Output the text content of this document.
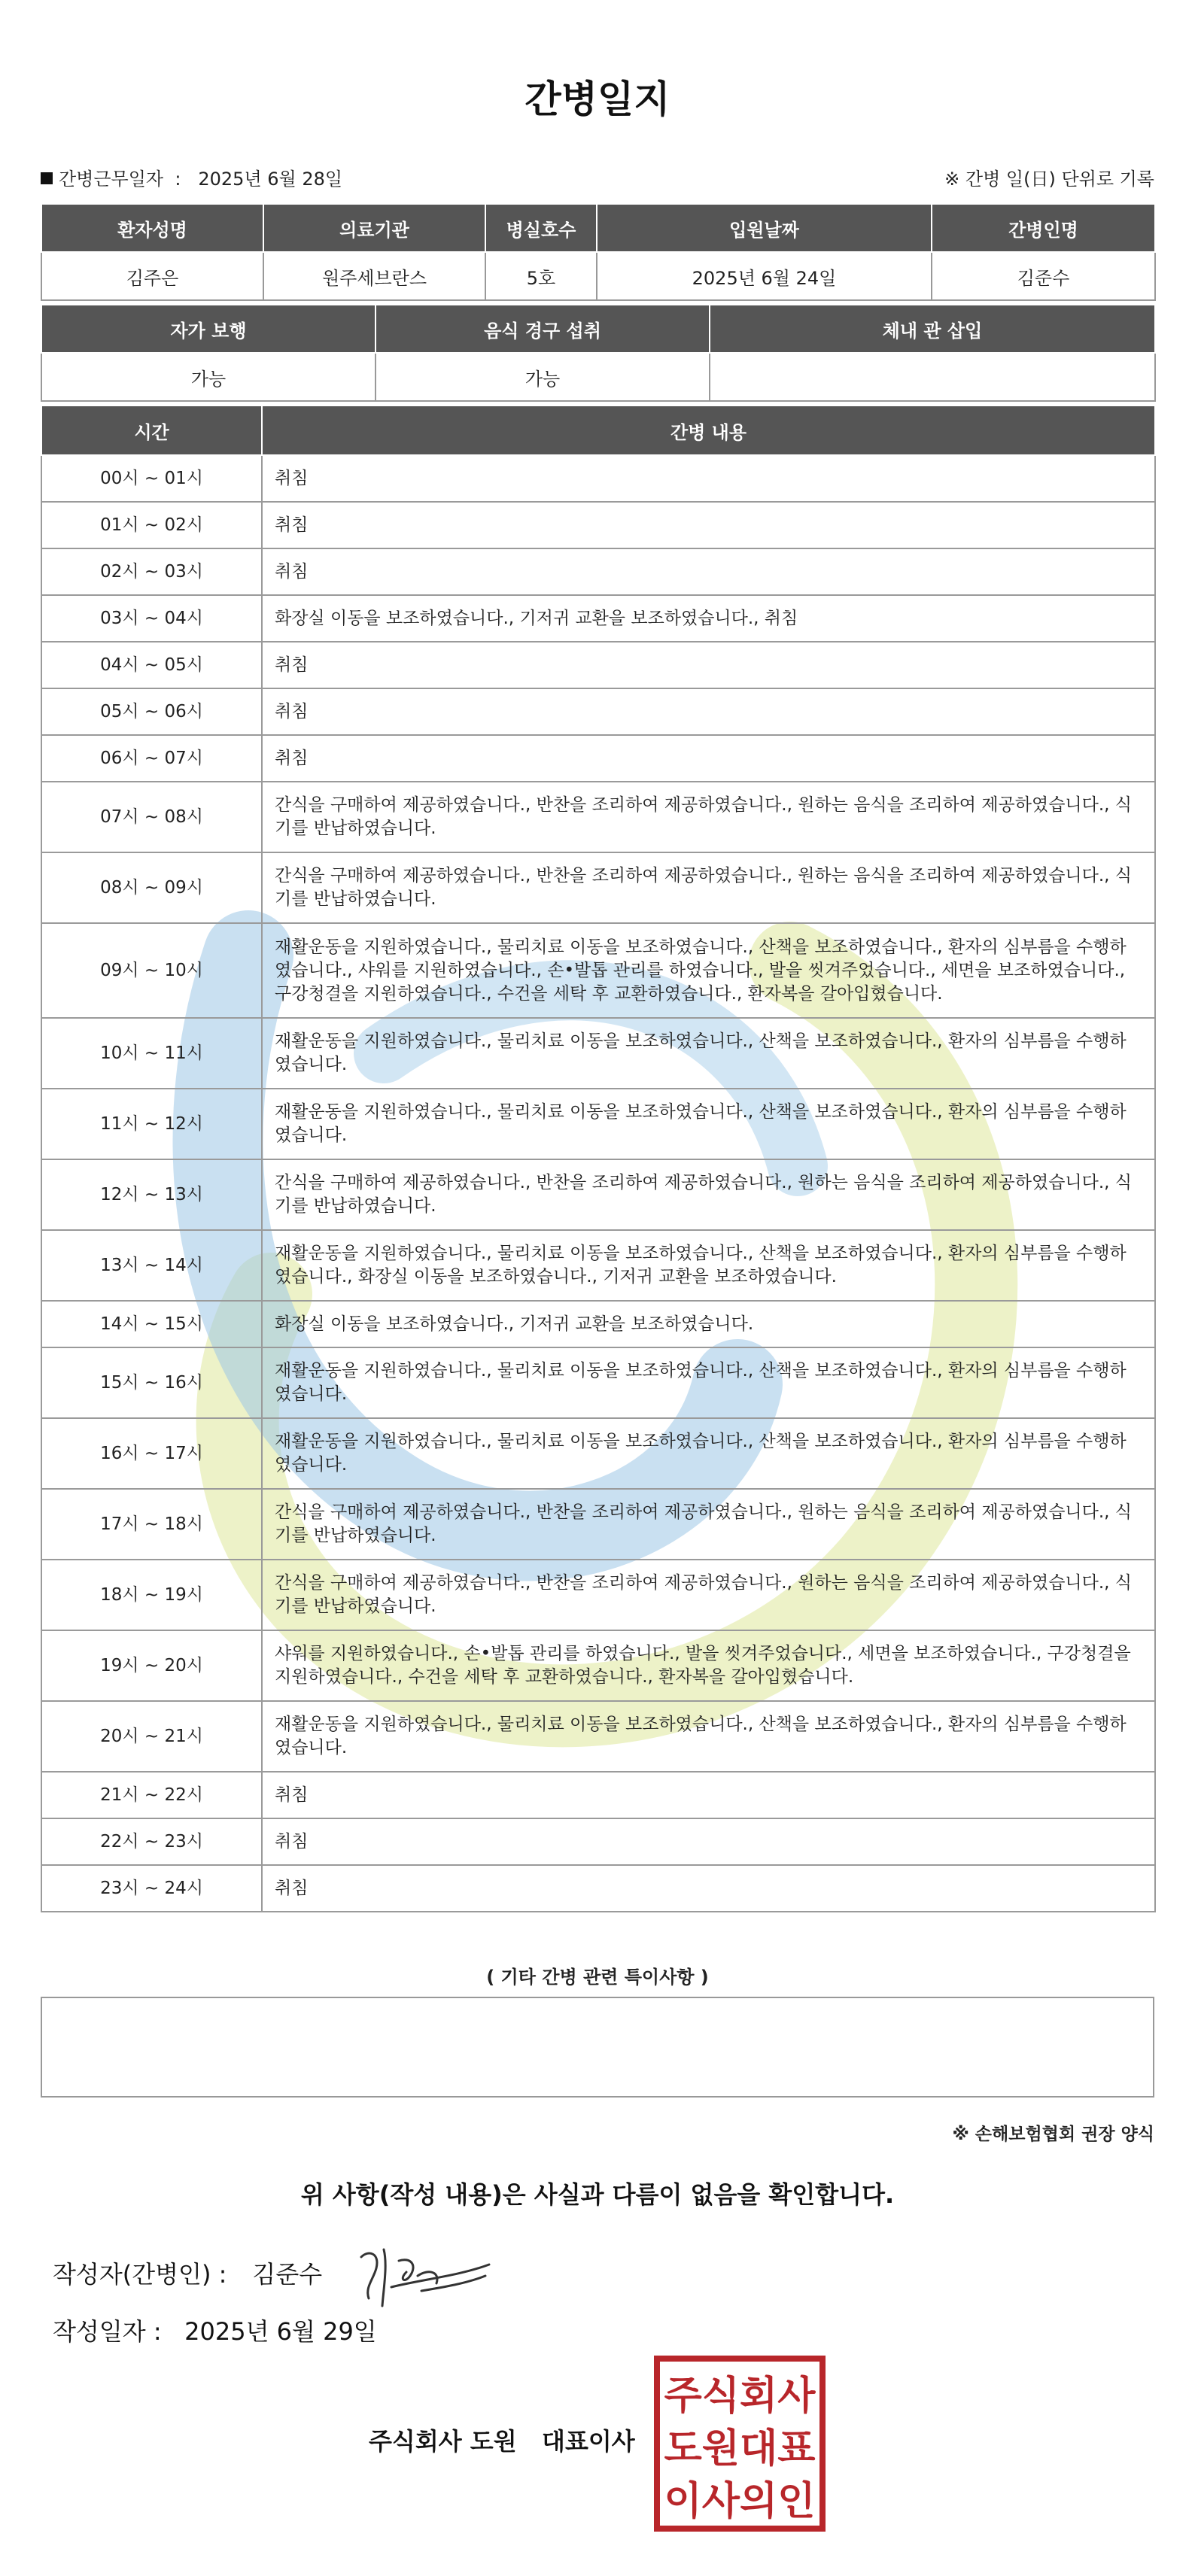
간병일지
간병근무일자 : 2025년 6월 28일	※ 간병 일(日) 단위로 기록
환자성명	의료기관	병실호수	입원날짜	간병인명
김주은	원주세브란스	5호	2025년 6월 24일	김준수
자가 보행	음식 경구 섭취	체내 관 삽입
가능	가능	
시간	간병 내용
00시 ~ 01시	취침
01시 ~ 02시	취침
02시 ~ 03시	취침
03시 ~ 04시	화장실 이동을 보조하였습니다., 기저귀 교환을 보조하였습니다., 취침
04시 ~ 05시	취침
05시 ~ 06시	취침
06시 ~ 07시	취침
07시 ~ 08시	간식을 구매하여 제공하였습니다., 반찬을 조리하여 제공하였습니다., 원하는 음식을 조리하여 제공하였습니다., 식기를 반납하였습니다.
08시 ~ 09시	간식을 구매하여 제공하였습니다., 반찬을 조리하여 제공하였습니다., 원하는 음식을 조리하여 제공하였습니다., 식기를 반납하였습니다.
09시 ~ 10시	재활운동을 지원하였습니다., 물리치료 이동을 보조하였습니다., 산책을 보조하였습니다., 환자의 심부름을 수행하였습니다., 샤워를 지원하였습니다., 손•발톱 관리를 하였습니다., 발을 씻겨주었습니다., 세면을 보조하였습니다., 구강청결을 지원하였습니다., 수건을 세탁 후 교환하였습니다., 환자복을 갈아입혔습니다.
10시 ~ 11시	재활운동을 지원하였습니다., 물리치료 이동을 보조하였습니다., 산책을 보조하였습니다., 환자의 심부름을 수행하였습니다.
11시 ~ 12시	재활운동을 지원하였습니다., 물리치료 이동을 보조하였습니다., 산책을 보조하였습니다., 환자의 심부름을 수행하였습니다.
12시 ~ 13시	간식을 구매하여 제공하였습니다., 반찬을 조리하여 제공하였습니다., 원하는 음식을 조리하여 제공하였습니다., 식기를 반납하였습니다.
13시 ~ 14시	재활운동을 지원하였습니다., 물리치료 이동을 보조하였습니다., 산책을 보조하였습니다., 환자의 심부름을 수행하였습니다., 화장실 이동을 보조하였습니다., 기저귀 교환을 보조하였습니다.
14시 ~ 15시	화장실 이동을 보조하였습니다., 기저귀 교환을 보조하였습니다.
15시 ~ 16시	재활운동을 지원하였습니다., 물리치료 이동을 보조하였습니다., 산책을 보조하였습니다., 환자의 심부름을 수행하였습니다.
16시 ~ 17시	재활운동을 지원하였습니다., 물리치료 이동을 보조하였습니다., 산책을 보조하였습니다., 환자의 심부름을 수행하였습니다.
17시 ~ 18시	간식을 구매하여 제공하였습니다., 반찬을 조리하여 제공하였습니다., 원하는 음식을 조리하여 제공하였습니다., 식기를 반납하였습니다.
18시 ~ 19시	간식을 구매하여 제공하였습니다., 반찬을 조리하여 제공하였습니다., 원하는 음식을 조리하여 제공하였습니다., 식기를 반납하였습니다.
19시 ~ 20시	샤워를 지원하였습니다., 손•발톱 관리를 하였습니다., 발을 씻겨주었습니다., 세면을 보조하였습니다., 구강청결을 지원하였습니다., 수건을 세탁 후 교환하였습니다., 환자복을 갈아입혔습니다.
20시 ~ 21시	재활운동을 지원하였습니다., 물리치료 이동을 보조하였습니다., 산책을 보조하였습니다., 환자의 심부름을 수행하였습니다.
21시 ~ 22시	취침
22시 ~ 23시	취침
23시 ~ 24시	취침
( 기타 간병 관련 특이사항 )
※ 손해보험협회 권장 양식
위 사항(작성 내용)은 사실과 다름이 없음을 확인합니다.
작성자(간병인) : 김준수
작성일자 : 2025년 6월 29일
주식회사 도원   대표이사
주식회사
도원대표
이사의인
